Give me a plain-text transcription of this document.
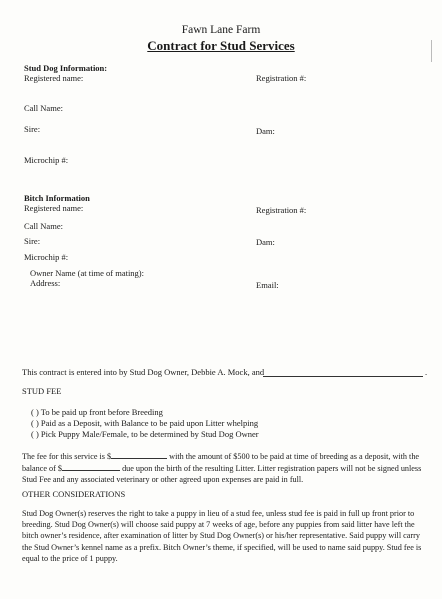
Fawn Lane Farm
Contract for Stud Services
Stud Dog Information:
Registered name:	Registration #:
Call Name:
Sire:	Dam:
Microchip #:
Bitch Information
Registered name:	Registration #:
Call Name:
Sire:	Dam:
Microchip #:
Owner Name (at time of mating):
Address:	Email:
This contract is entered into by Stud Dog Owner, Debbie A. Mock, and	.
STUD FEE
( ) To be paid up front before Breeding
( ) Paid as a Deposit, with Balance to be paid upon Litter whelping
( ) Pick Puppy Male/Female, to be determined by Stud Dog Owner
The fee for this service is $	with the amount of $500 to be paid at time of breeding as a deposit, with the balance of $	due upon the birth of the resulting Litter. Litter registration papers will not be signed unless Stud Fee and any associated veterinary or other agreed upon expenses are paid in full.
OTHER CONSIDERATIONS
Stud Dog Owner(s) reserves the right to take a puppy in lieu of a stud fee, unless stud fee is paid in full up front prior to breeding. Stud Dog Owner(s) will choose said puppy at 7 weeks of age, before any puppies from said litter have left the bitch owner’s residence, after examination of litter by Stud Dog Owner(s) or his/her representative. Said puppy will carry the Stud Owner’s kennel name as a prefix. Bitch Owner’s theme, if specified, will be used to name said puppy. Stud fee is equal to the price of 1 puppy.
